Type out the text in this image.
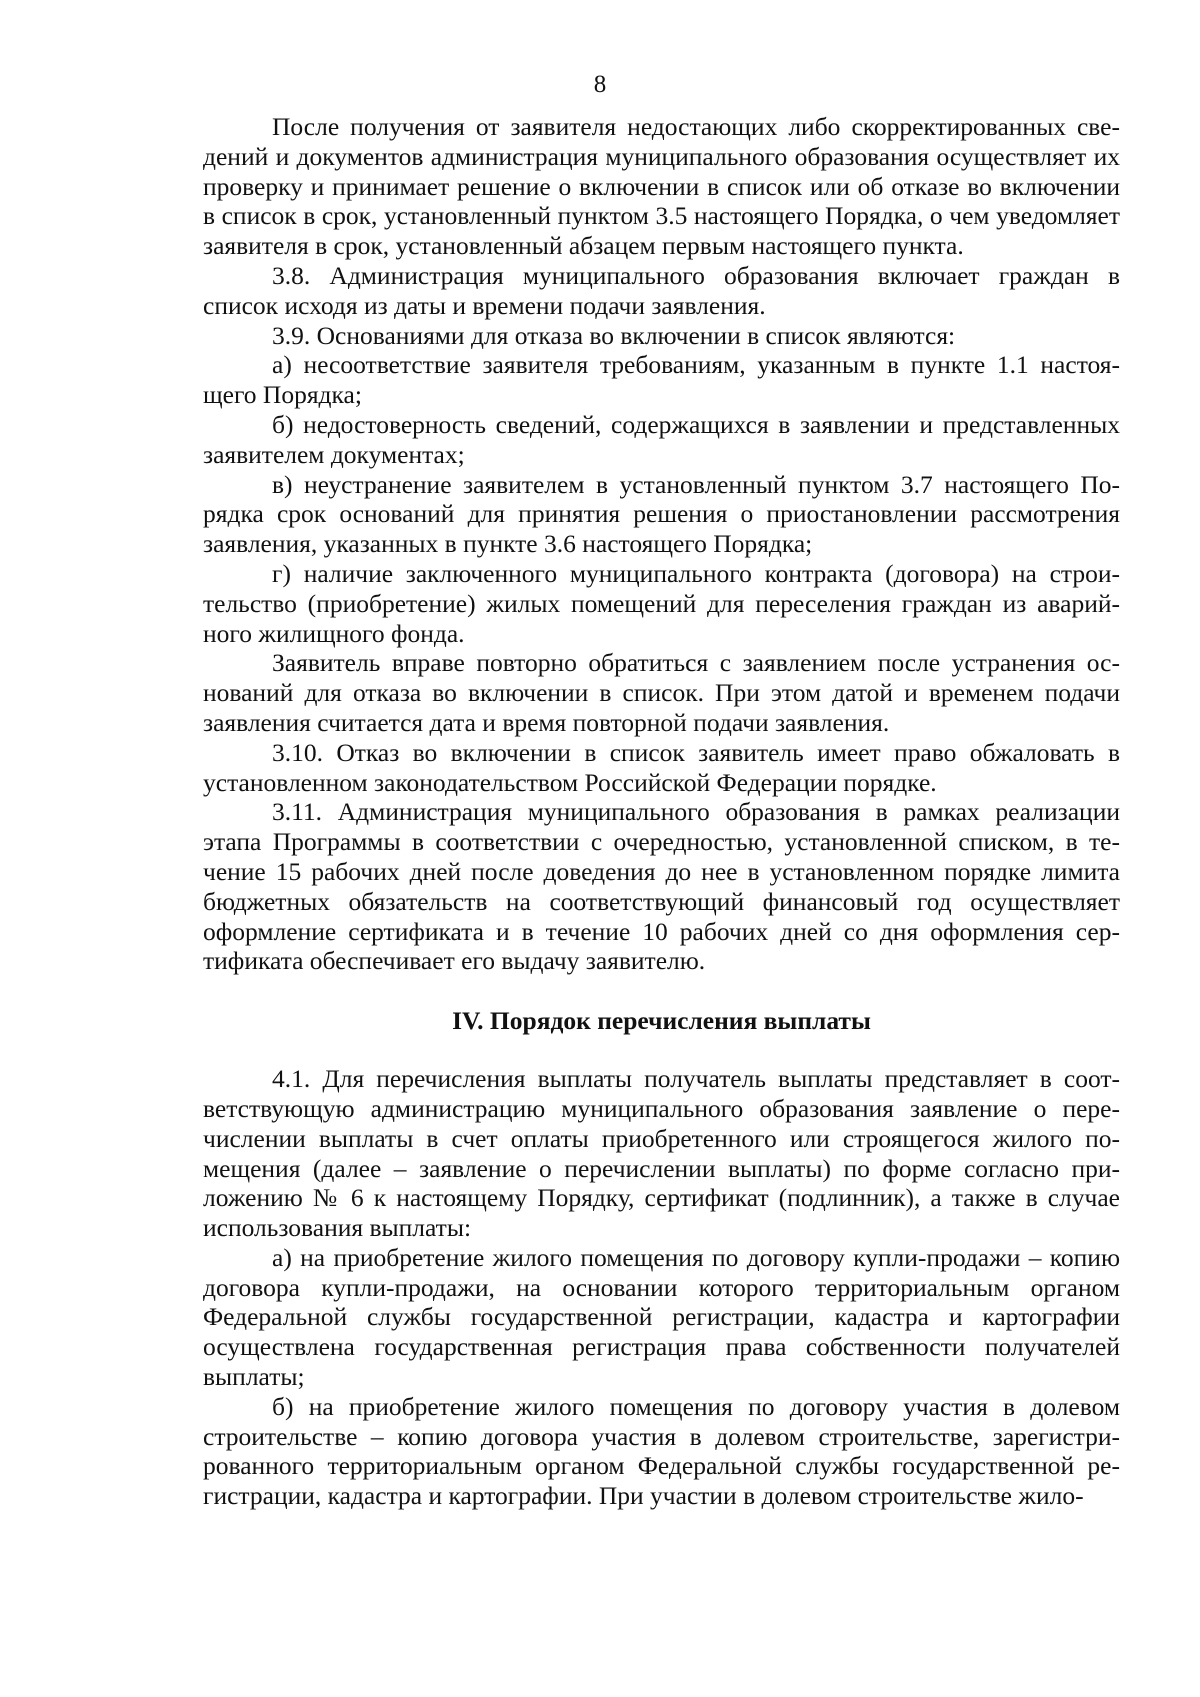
8

После получения от заявителя недостающих либо скорректированных сведений и документов администрация муниципального образования осуществляет их проверку и принимает решение о включении в список или об отказе во включении в список в срок, установленный пунктом 3.5 настоящего Порядка, о чем уведомляет заявителя в срок, установленный абзацем первым настоящего пункта.

3.8. Администрация муниципального образования включает граждан в список исходя из даты и времени подачи заявления.

3.9. Основаниями для отказа во включении в список являются:

а) несоответствие заявителя требованиям, указанным в пункте 1.1 настоящего Порядка;

б) недостоверность сведений, содержащихся в заявлении и представленных заявителем документах;

в) неустранение заявителем в установленный пунктом 3.7 настоящего Порядка срок оснований для принятия решения о приостановлении рассмотрения заявления, указанных в пункте 3.6 настоящего Порядка;

г) наличие заключенного муниципального контракта (договора) на строительство (приобретение) жилых помещений для переселения граждан из аварийного жилищного фонда.

Заявитель вправе повторно обратиться с заявлением после устранения оснований для отказа во включении в список. При этом датой и временем подачи заявления считается дата и время повторной подачи заявления.

3.10. Отказ во включении в список заявитель имеет право обжаловать в установленном законодательством Российской Федерации порядке.

3.11. Администрация муниципального образования в рамках реализации этапа Программы в соответствии с очередностью, установленной списком, в течение 15 рабочих дней после доведения до нее в установленном порядке лимита бюджетных обязательств на соответствующий финансовый год осуществляет оформление сертификата и в течение 10 рабочих дней со дня оформления сертификата обеспечивает его выдачу заявителю.

IV. Порядок перечисления выплаты

4.1. Для перечисления выплаты получатель выплаты представляет в соответствующую администрацию муниципального образования заявление о перечислении выплаты в счет оплаты приобретенного или строящегося жилого помещения (далее – заявление о перечислении выплаты) по форме согласно приложению № 6 к настоящему Порядку, сертификат (подлинник), а также в случае использования выплаты:

а) на приобретение жилого помещения по договору купли-продажи – копию договора купли-продажи, на основании которого территориальным органом Федеральной службы государственной регистрации, кадастра и картографии осуществлена государственная регистрация права собственности получателей выплаты;

б) на приобретение жилого помещения по договору участия в долевом строительстве – копию договора участия в долевом строительстве, зарегистрированного территориальным органом Федеральной службы государственной регистрации, кадастра и картографии. При участии в долевом строительстве жило-
